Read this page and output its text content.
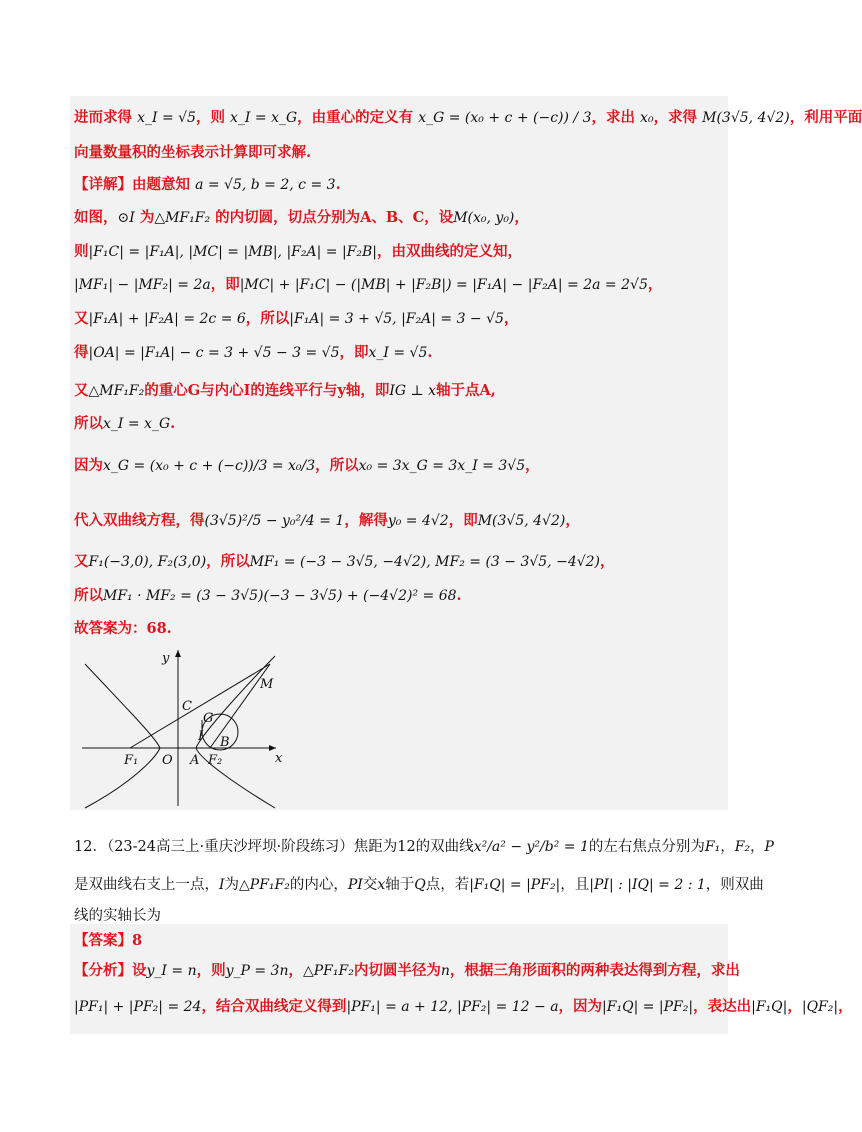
进而求得 x_I = √5，则 x_I = x_G，由重心的定义有 x_G = (x₀ + c + (−c)) / 3，求出 x₀，求得 M(3√5, 4√2)，利用平面
向量数量积的坐标表示计算即可求解.
【详解】由题意知 a = √5, b = 2, c = 3.
如图，⊙I 为△MF₁F₂ 的内切圆，切点分别为A、B、C，设M(x₀, y₀)，
则|F₁C| = |F₁A|, |MC| = |MB|, |F₂A| = |F₂B|，由双曲线的定义知，
|MF₁| − |MF₂| = 2a，即|MC| + |F₁C| − (|MB| + |F₂B|) = |F₁A| − |F₂A| = 2a = 2√5，
又|F₁A| + |F₂A| = 2c = 6，所以|F₁A| = 3 + √5, |F₂A| = 3 − √5，
得|OA| = |F₁A| − c = 3 + √5 − 3 = √5，即x_I = √5.
又△MF₁F₂的重心G与内心I的连线平行与y轴，即IG ⊥ x轴于点A,
所以x_I = x_G.
因为x_G = (x₀ + c + (−c))/3 = x₀/3，所以x₀ = 3x_G = 3x_I = 3√5，
代入双曲线方程，得(3√5)²/5 − y₀²/4 = 1，解得y₀ = 4√2，即M(3√5, 4√2)，
又F₁(−3,0), F₂(3,0)，所以MF₁ = (−3 − 3√5, −4√2), MF₂ = (3 − 3√5, −4√2)，
所以MF₁ · MF₂ = (3 − 3√5)(−3 − 3√5) + (−4√2)² = 68.
故答案为：68.
y
x
M
C
G
I B
F₁ O A F₂
12．（23-24高三上·重庆沙坪坝·阶段练习）焦距为12的双曲线x²/a² − y²/b² = 1的左右焦点分别为F₁，F₂，P
是双曲线右支上一点，I为△PF₁F₂的内心，PI交x轴于Q点，若|F₁Q| = |PF₂|，且|PI| : |IQ| = 2 : 1，则双曲
线的实轴长为
【答案】8
【分析】设y_I = n，则y_P = 3n，△PF₁F₂内切圆半径为n，根据三角形面积的两种表达得到方程，求出
|PF₁| + |PF₂| = 24，结合双曲线定义得到|PF₁| = a + 12, |PF₂| = 12 − a，因为|F₁Q| = |PF₂|，表达出|F₁Q|，|QF₂|，
